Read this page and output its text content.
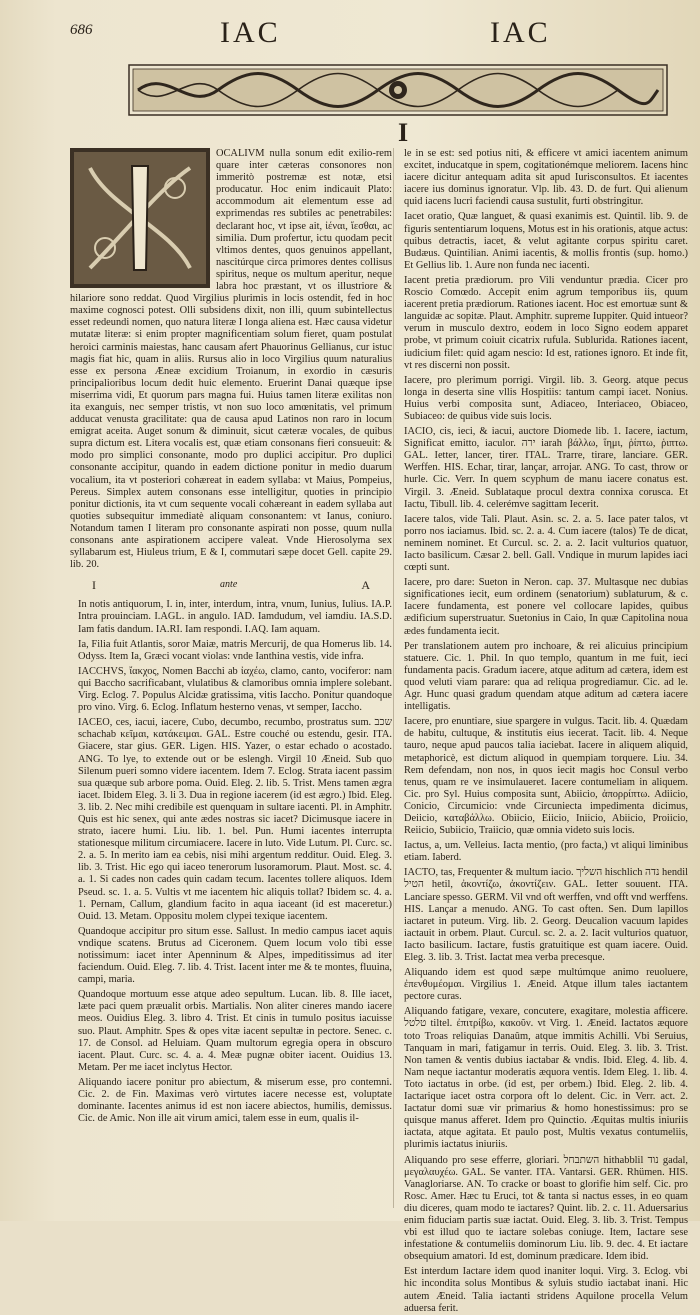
686	IAC	IAC
I

OCALIVM nulla sonum edit exilio-rem quare inter cæteras consonores non immeritò postremæ est notæ, etsi producatur. Hoc enim indicauit Plato: accommodum ait elementum esse ad exprimendas res subtiles ac penetrabiles: declarant hoc, vt ipse ait, ἰέναι, ἵεσθαι, ac similia. Dum profertur, ictu quodam pecit vltimos dentes, quos genuinos appellant, nascitúrque circa primores dentes collisus spiritus, neque os multum aperitur, neque labra hoc præstant, vt os illustriore & hilariore sono reddat. Quod Virgilius plurimis in locis ostendit, fed in hoc maxime cognosci potest. Olli subsidens dixit, non illi, quum subintellectus esset redeundi nomen, quo natura literæ I longa aliena est. Hæc causa videtur mutatæ literæ: si enim propter magnificentiam solum fieret, quam postulat heroici carminis maiestas, hanc causam afert Phauorinus Gellianus, cur istuc magis fiat hic, quam in aliis. Rursus alio in loco Virgilius quum naturalius esse ex persona Æneæ excidium Troianum, in exordio in cæsuris principalioribus locum dedit huic elemento. Eruerint Danai quæque ipse miserrima vidi, Et quorum pars magna fui. Huius tamen literæ exilitas non ita exanguis, nec semper tristis, vt non suo loco amœnitatis, vel primum adducat venusta gracilitate: qua de causa apud Latinos non raro in locum emigrat aceita. Auget sonum & diminuit, sicut cæteræ vocales, de quibus supra dictum est. Litera vocalis est, quæ etiam consonans fieri consueuit: & modo pro simplici consonante, modo pro duplici accipitur. Pro duplici consonante accipitur, quando in eadem dictione ponitur in medio duarum vocalium, ita vt posteriori cohæreat in eadem syllaba: vt Maius, Pompeius, Pereus. Simplex autem consonans esse intelligitur, quoties in principio ponitur dictionis, ita vt cum sequente vocali cohæreant in eadem syllaba aut quoties subsequitur immediatè aliquam consonantem: vt Ianus, coniuro. Notandum tamen I literam pro consonante aspirati non posse, quum nulla consonans ante aspirationem accipere valeat. Vnde Hierosolyma sex syllabarum est, Hiuleus trium, E & I, commutari sæpe docet Gell. capite 29. lib. 20.

I	ante	A

In notis antiquorum, I. in, inter, interdum, intra, vnum, Iunius, Iulius. IA.P. Intra prouinciam. I.AGL. in angulo. IAD. Iamdudum, vel iamdiu. IA.S.D. Iam fatis dandum. IA.RI. Iam respondi. I.AQ. Iam aquam.

Ia, Filia fuit Atlantis, soror Maiæ, matris Mercurij, de qua Homerus lib. 14. Odyss. Item Ia, Græci vocant violas: vnde Ianthina vestis, vide infra.

IACCHVS, ἴακχος, Nomen Bacchi ab ἰαχέω, clamo, canto, vociferor: nam qui Baccho sacrificabant, vlulatibus & clamoribus omnia implere solebant. Virg. Eclog. 7. Populus Alcidæ gratissima, vitis Iaccho. Ponitur quandoque pro vino. Virg. 6. Eclog. Inflatum hesterno venas, vt semper, Iaccho.

IACEO, ces, iacui, iacere, Cubo, decumbo, recumbo, prostratus sum. שכב schachab κεῖμαι, κατάκειμαι. GAL. Estre couché ou estendu, gesir. ITA. Giacere, star gius. GER. Ligen. HIS. Yazer, o estar echado o acostado. ANG. To lye, to extende out or be eslengh. Virgil 10 Æneid. Sub quo Silenum pueri somno videre iacentem. Idem 7. Eclog. Strata iacent passim sua quæque sub arbore poma. Ouid. Eleg. 2. lib. 5. Trist. Mens tamen ægra iacet. Ibidem Eleg. 3. li 3. Dua in regione iacerem (id est ægro.) Ibid. Eleg. 3. lib. 2. Nec mihi credibile est quenquam in sultare iacenti. Pl. in Amphitr. Quis est hic senex, qui ante ædes nostras sic iacet? Dicimusque iacere in strato, iacere humi. Liu. lib. 1. bel. Pun. Humi iacentes interrupta stationesque militum circumiacere. Iacere in luto. Vide Lutum. Pl. Curc. sc. 2. a. 5. In merito iam ea cebis, nisi mihi argentum redditur. Ouid. Eleg. 3. lib. 3. Trist. Hic ego qui iaceo tenerorum lusoramorum. Plaut. Most. sc. 4. a. 1. Si cades non cades quin cadam tecum. Iacentes tollere aliquos. Idem Pseud. sc. 1. a. 5. Vultis vt me iacentem hic aliquis tollat? Ibidem sc. 4. a. 1. Pernam, Callum, glandium facito in aqua iaceant (id est maceretur.) Ouid. 13. Metam. Oppositu molem clypei texique iacentem.

Quandoque accipitur pro situm esse. Sallust. In medio campus iacet aquis vndique scatens. Brutus ad Ciceronem. Quem locum volo tibi esse notissimum: iacet inter Apenninum & Alpes, impeditissimus ad iter faciendum. Ouid. Eleg. 7. lib. 4. Trist. Iacent inter me & te montes, fluuina, campi, maria.

Quandoque mortuum esse atque adeo sepultum. Lucan. lib. 8. Ille iacet, læte paci quem præualit orbis. Martialis. Non aliter cineres mando iacere meos. Ouidius Eleg. 3. libro 4. Trist. Et cinis in tumulo positus iacuisse suo. Plaut. Amphitr. Spes & opes vitæ iacent sepultæ in pectore. Senec. c. 17. de Consol. ad Heluiam. Quam multorum egregia opera in obscuro iacent. Plaut. Curc. sc. 4. a. 4. Meæ pugnæ obiter iacent. Ouidius 13. Metam. Per me iacet inclytus Hector.

Aliquando iacere ponitur pro abiectum, & miserum esse, pro contemni. Cic. 2. de Fin. Maximas verò virtutes iacere necesse est, voluptate dominante. Iacentes animus id est non iacere abiectos, humilis, demissus. Cic. de Amic. Non ille ait virum amici, talem esse in eum, qualis il-

le in se est: sed potius niti, & efficere vt amici iacentem animum excitet, inducatque in spem, cogitationémque meliorem. Iacens hinc iacere dicitur antequam adita sit apud Iurisconsultos. Et iacentes iacere ius dominus ignoratur. Vlp. lib. 43. D. de furt. Qui alienum quid iacens lucri faciendi causa sustulit, furti obstringitur.

Iacet oratio, Quæ languet, & quasi exanimis est. Quintil. lib. 9. de figuris sententiarum loquens, Motus est in his orationis, atque actus: quibus detractis, iacet, & velut agitante corpus spiritu caret. Budæus. Quintilian. Animi iacentis, & mollis frontis (sup. homo.) Et Gellius lib. 1. Aure non funda nec iacenti.

Iacent pretia prædiorum. pro Vili venduntur prædia. Cicer pro Roscio Comœdo. Accepit enim agrum temporibus iis, quum iacerent pretia prædiorum. Rationes iacent. Hoc est emortuæ sunt & languidæ ac sopitæ. Plaut. Amphitr. supreme Iuppiter. Quid intueor? verum in musculo dextro, eodem in loco Signo eodem apparet probe, vt primum coiuit cicatrix rufula. Sublurida. Rationes iacent, iudicium filet: quid agam nescio: Id est, rationes ignoro. Et inde fit, vt res discerni non possit.

Iacere, pro plerimum porrigi. Virgil. lib. 3. Georg. atque pecus longa in deserta sine vllis Hospitiis: tantum campi iacet. Nonius. Huius verbi composita sunt, Adiaceo, Interiaceo, Obiaceo, Subiaceo: de quibus vide suis locis.

IACIO, cis, ieci, & iacui, auctore Diomede lib. 1. Iacere, iactum, Significat emitto, iaculor. ירה iarah βάλλω, ἵημι, ῥίπτω, ῥιπτω. GAL. Ietter, lancer, tirer. ITAL. Trarre, tirare, lanciare. GER. Werffen. HIS. Echar, tirar, lançar, arrojar. ANG. To cast, throw or hurle. Cic. Verr. In quem scyphum de manu iacere conatus est. Virgil. 3. Æneid. Sublataque procul dextra connixa corusca. Et Iactu, Tibull. lib. 4. celerémve sagittam Iecerit.

Iacere talos, vide Tali. Plaut. Asin. sc. 2. a. 5. Iace pater talos, vt porro nos iaciamus. Ibid. sc. 2. a. 4. Cum iacere (talos) Te de dicat, neminem nominet. Et Curcul. sc. 2. a. 2. Iacit vulturios quatuor, Iacto basilicum. Cæsar 2. bell. Gall. Vndique in murum lapides iaci cœpti sunt.

Iacere, pro dare: Sueton in Neron. cap. 37. Multasque nec dubias significationes iecit, eum ordinem (senatorium) sublaturum, & c. Iacere fundamenta, est ponere vel collocare lapides, quibus ædificium superstruatur. Suetonius in Caio, In quæ Capitolina noua ædes fundamenta iecit.

Per translationem autem pro inchoare, & rei alicuius principium statuere. Cic. 1. Phil. In quo templo, quantum in me fuit, ieci fundamenta pacis. Gradum iacere, atque aditum ad cætera, idem est quod veluti viam parare: qua ad reliqua progrediamur. Cic. ad le. Agr. Hunc quasi gradum quendam atque aditum ad cætera iacere intelligatis.

Iacere, pro enuntiare, siue spargere in vulgus. Tacit. lib. 4. Quædam de habitu, cultuque, & institutis eius iecerat. Tacit. lib. 4. Neque tauro, neque apud paucos talia iaciebat. Iacere in aliquem aliquid, metaphoricè, est dictum aliquod in quempiam torquere. Liu. 34. Rem defendam, non nos, in quos iecit magis hoc Consul verbo tenus, quam re ve insimulaueret. Iacere contumeliam in aliquem. Cic. pro Syl. Huius composita sunt, Abiicio, ἀπορρίπτω. Adiicio, Conicio, Circumicio: vnde Circuniecta impedimenta dicimus, Deiicio, καταβάλλω. Obiicio, Eiicio, Iniicio, Abiicio, Proiicio, Reiicio, Subiicio, Traiicio, quæ omnia videto suis locis.

Iactus, a, um. Velleius. Iacta mentio, (pro facta,) vt aliqui liminibus etiam. Iaberd.

IACTO, tas, Frequenter & multum iacio. השליך hischlich נדה hendil הטיל hetil, ἀκοντίζω, ἀκοντίζειν. GAL. Ietter souuent. ITA. Lanciare spesso. GERM. Vil vnd oft werffen, vnd offt vnd werffens. HIS. Lançar a menudo. ANG. To cast often. Sen. Dum lapillos iactaret in puteum. Virg. lib. 2. Georg. Deucalion vacuum lapides iactauit in orbem. Plaut. Curcul. sc. 2. a. 2. Iacit vulturios quatuor, Iacto basilicum. Iactare, fustis gratuitique est quam iacere. Ouid. Eleg. 3. lib. 3. Trist. Iactat mea verba precesque.

Aliquando idem est quod sæpe multúmque animo reuoluere, ἐπενθυμέομαι. Virgilius 1. Æneid. Atque illum tales iactantem pectore curas.

Aliquando fatigare, vexare, concutere, exagitare, molestia afficere. טלטל tiltel. ἐπιτρίβω, κακοῦν. vt Virg. 1. Æneid. Iactatos æquore toto Troas reliquias Danaûm, atque immitis Achilli. Vbi Seruius, Tanquam in mari, fatigamur in terris. Ouid. Eleg. 3. lib. 3. Trist. Non tamen & ventis dubius iactabar & vndis. Ibid. Eleg. 4. lib. 4. Nam neque iactantur moderatis æquora ventis. Idem Eleg. 1. lib. 4. Toto iactatus in orbe. (id est, per orbem.) Ibid. Eleg. 2. lib. 4. Iactarique iacet ostra corpora oft lo delent. Cic. in Verr. act. 2. Iactatur domi suæ vir primarius & homo honestissimus: pro se quisque manus afferet. Idem pro Quinctio. Æquitas multis iniuriis iactata, atque agitata. Et paulo post, Multis vexatus contumeliis, plurimis iactatus iniuriis.

Aliquando pro sese efferre, gloriari. השתבחל hithabblil נוד gadal, μεγαλαυχέω. GAL. Se vanter. ITA. Vantarsi. GER. Rhümen. HIS. Vanagloriarse. AN. To cracke or boast to glorifie him self. Cic. pro Rosc. Amer. Hæc tu Eruci, tot & tanta si nactus esses, in eo quam diu diceres, quam modo te iactares? Quint. lib. 2. c. 11. Aduersarius enim fiduciam partis suæ iactat. Ouid. Eleg. 3. lib. 3. Trist. Tempus vbi est illud quo te iactare solebas coniuge. Item, Iactare sese infestatione & contumeliis dominorum Liu. lib. 9. dec. 4. Et iactare obsequium amatori. Id est, dominum prædicare. Idem ibid.

Est interdum Iactare idem quod inaniter loqui. Virg. 3. Eclog. vbi hic incondita solus Montibus & syluis studio iactabat inani. Hic autem Æneid. Talia iactanti stridens Aquilone procella Velum aduersa ferit.
